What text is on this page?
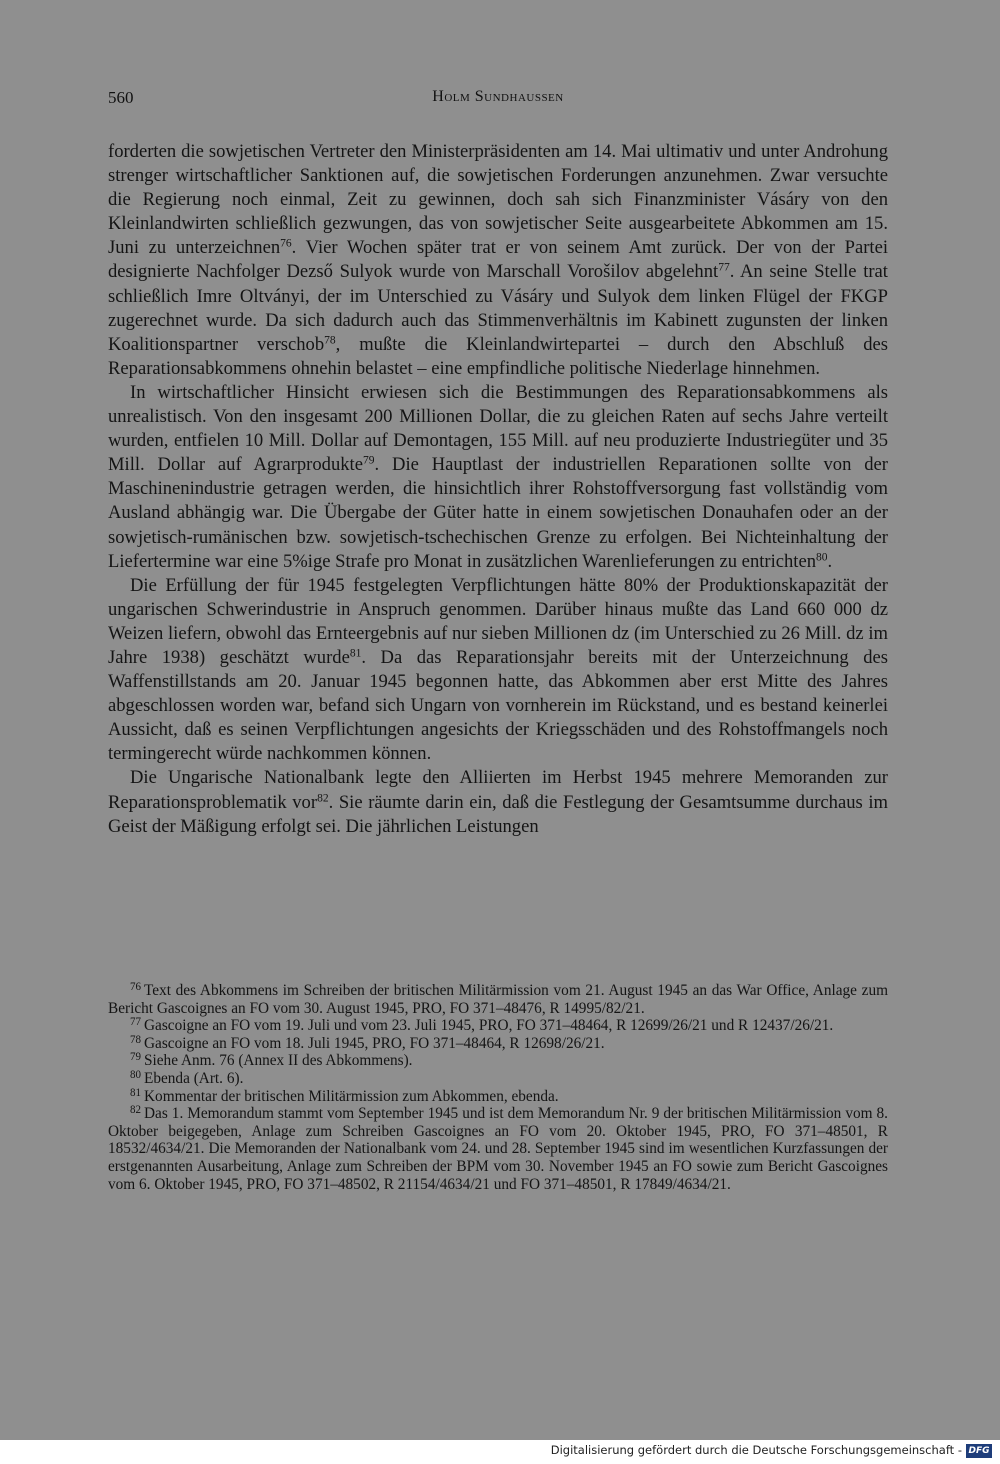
560	Holm Sundhaussen

forderten die sowjetischen Vertreter den Ministerpräsidenten am 14. Mai ultimativ und unter Androhung strenger wirtschaftlicher Sanktionen auf, die sowjetischen Forderungen anzunehmen. Zwar versuchte die Regierung noch einmal, Zeit zu gewinnen, doch sah sich Finanzminister Vásáry von den Kleinlandwirten schließlich gezwungen, das von sowjetischer Seite ausgearbeitete Abkommen am 15. Juni zu unterzeichnen$^{76}$. Vier Wochen später trat er von seinem Amt zurück. Der von der Partei designierte Nachfolger Dezső Sulyok wurde von Marschall Vorošilov abgelehnt$^{77}$. An seine Stelle trat schließlich Imre Oltványi, der im Unterschied zu Vásáry und Sulyok dem linken Flügel der FKGP zugerechnet wurde. Da sich dadurch auch das Stimmenverhältnis im Kabinett zugunsten der linken Koalitionspartner verschob$^{78}$, mußte die Kleinlandwirtepartei – durch den Abschluß des Reparationsabkommens ohnehin belastet – eine empfindliche politische Niederlage hinnehmen.

In wirtschaftlicher Hinsicht erwiesen sich die Bestimmungen des Reparationsabkommens als unrealistisch. Von den insgesamt 200 Millionen Dollar, die zu gleichen Raten auf sechs Jahre verteilt wurden, entfielen 10 Mill. Dollar auf Demontagen, 155 Mill. auf neu produzierte Industriegüter und 35 Mill. Dollar auf Agrarprodukte$^{79}$. Die Hauptlast der industriellen Reparationen sollte von der Maschinenindustrie getragen werden, die hinsichtlich ihrer Rohstoffversorgung fast vollständig vom Ausland abhängig war. Die Übergabe der Güter hatte in einem sowjetischen Donauhafen oder an der sowjetisch-rumänischen bzw. sowjetisch-tschechischen Grenze zu erfolgen. Bei Nichteinhaltung der Liefertermine war eine 5%ige Strafe pro Monat in zusätzlichen Warenlieferungen zu entrichten$^{80}$.

Die Erfüllung der für 1945 festgelegten Verpflichtungen hätte 80% der Produktionskapazität der ungarischen Schwerindustrie in Anspruch genommen. Darüber hinaus mußte das Land 660 000 dz Weizen liefern, obwohl das Ernteergebnis auf nur sieben Millionen dz (im Unterschied zu 26 Mill. dz im Jahre 1938) geschätzt wurde$^{81}$. Da das Reparationsjahr bereits mit der Unterzeichnung des Waffenstillstands am 20. Januar 1945 begonnen hatte, das Abkommen aber erst Mitte des Jahres abgeschlossen worden war, befand sich Ungarn von vornherein im Rückstand, und es bestand keinerlei Aussicht, daß es seinen Verpflichtungen angesichts der Kriegsschäden und des Rohstoffmangels noch termingerecht würde nachkommen können.

Die Ungarische Nationalbank legte den Alliierten im Herbst 1945 mehrere Memoranden zur Reparationsproblematik vor$^{82}$. Sie räumte darin ein, daß die Festlegung der Gesamtsumme durchaus im Geist der Mäßigung erfolgt sei. Die jährlichen Leistungen

$^{76}$ Text des Abkommens im Schreiben der britischen Militärmission vom 21. August 1945 an das War Office, Anlage zum Bericht Gascoignes an FO vom 30. August 1945, PRO, FO 371–48476, R 14995/82/21.

$^{77}$ Gascoigne an FO vom 19. Juli und vom 23. Juli 1945, PRO, FO 371–48464, R 12699/26/21 und R 12437/26/21.

$^{78}$ Gascoigne an FO vom 18. Juli 1945, PRO, FO 371–48464, R 12698/26/21.

$^{79}$ Siehe Anm. 76 (Annex II des Abkommens).

$^{80}$ Ebenda (Art. 6).

$^{81}$ Kommentar der britischen Militärmission zum Abkommen, ebenda.

$^{82}$ Das 1. Memorandum stammt vom September 1945 und ist dem Memorandum Nr. 9 der britischen Militärmission vom 8. Oktober beigegeben, Anlage zum Schreiben Gascoignes an FO vom 20. Oktober 1945, PRO, FO 371–48501, R 18532/4634/21. Die Memoranden der Nationalbank vom 24. und 28. September 1945 sind im wesentlichen Kurzfassungen der erstgenannten Ausarbeitung, Anlage zum Schreiben der BPM vom 30. November 1945 an FO sowie zum Bericht Gascoignes vom 6. Oktober 1945, PRO, FO 371–48502, R 21154/4634/21 und FO 371–48501, R 17849/4634/21.

Digitalisierung gefördert durch die Deutsche Forschungsgemeinschaft - DFG
